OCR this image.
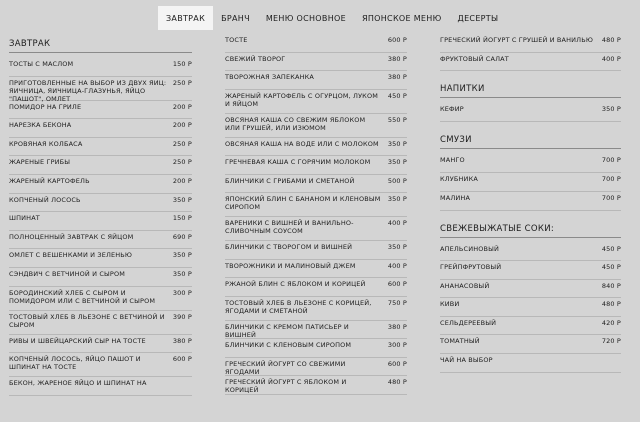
ЗАВТРАК	БРАНЧ	МЕНЮ ОСНОВНОЕ	ЯПОНСКОЕ МЕНЮ	ДЕСЕРТЫ
ЗАВТРАК
ТОСТЫ С МАСЛОМ	150 Р
ПРИГОТОВЛЕННЫЕ НА ВЫБОР ИЗ ДВУХ ЯИЦ: ЯИЧНИЦА, ЯИЧНИЦА-ГЛАЗУНЬЯ, ЯЙЦО "ПАШОТ", ОМЛЕТ
250 Р
ПОМИДОР НА ГРИЛЕ	200 Р
НАРЕЗКА БЕКОНА	200 Р
КРОВЯНАЯ КОЛБАСА	250 Р
ЖАРЕНЫЕ ГРИБЫ	250 Р
ЖАРЕНЫЙ КАРТОФЕЛЬ	200 Р
КОПЧЕНЫЙ ЛОСОСЬ	350 Р
ШПИНАТ	150 Р
ПОЛНОЦЕННЫЙ ЗАВТРАК С ЯЙЦОМ	690 Р
ОМЛЕТ С ВЕШЕНКАМИ И ЗЕЛЕНЬЮ	350 Р
СЭНДВИЧ С ВЕТЧИНОЙ И СЫРОМ	350 Р
БОРОДИНСКИЙ ХЛЕБ С СЫРОМ И ПОМИДОРОМ ИЛИ С ВЕТЧИНОЙ И СЫРОМ
300 Р
ТОСТОВЫЙ ХЛЕБ В ЛЬЕЗОНЕ С ВЕТЧИНОЙ И СЫРОМ
390 Р
РИВЫ И ШВЕЙЦАРСКИЙ СЫР НА ТОСТЕ	380 Р
КОПЧЕНЫЙ ЛОСОСЬ, ЯЙЦО ПАШОТ И ШПИНАТ НА ТОСТЕ
600 Р
БЕКОН, ЖАРЕНОЕ ЯЙЦО И ШПИНАТ НА
ТОСТЕ	600 Р
СВЕЖИЙ ТВОРОГ	380 Р
ТВОРОЖНАЯ ЗАПЕКАНКА	380 Р
ЖАРЕНЫЙ КАРТОФЕЛЬ С ОГУРЦОМ, ЛУКОМ И ЯЙЦОМ
450 Р
ОВСЯНАЯ КАША СО СВЕЖИМ ЯБЛОКОМ ИЛИ ГРУШЕЙ, ИЛИ ИЗЮМОМ
550 Р
ОВСЯНАЯ КАША НА ВОДЕ ИЛИ С МОЛОКОМ	350 Р
ГРЕЧНЕВАЯ КАША С ГОРЯЧИМ МОЛОКОМ	350 Р
БЛИНЧИКИ С ГРИБАМИ И СМЕТАНОЙ	500 Р
ЯПОНСКИЙ БЛИН С БАНАНОМ И КЛЕНОВЫМ СИРОПОМ
350 Р
ВАРЕНИКИ С ВИШНЕЙ И ВАНИЛЬНО-СЛИВОЧНЫМ СОУСОМ
400 Р
БЛИНЧИКИ С ТВОРОГОМ И ВИШНЕЙ	350 Р
ТВОРОЖНИКИ И МАЛИНОВЫЙ ДЖЕМ	400 Р
РЖАНОЙ БЛИН С ЯБЛОКОМ И КОРИЦЕЙ	600 Р
ТОСТОВЫЙ ХЛЕБ В ЛЬЕЗОНЕ С КОРИЦЕЙ, ЯГОДАМИ И СМЕТАНОЙ
750 Р
БЛИНЧИКИ С КРЕМОМ ПАТИСЬЕР И ВИШНЕЙ
380 Р
БЛИНЧИКИ С КЛЕНОВЫМ СИРОПОМ	300 Р
ГРЕЧЕСКИЙ ЙОГУРТ СО СВЕЖИМИ ЯГОДАМИ
600 Р
ГРЕЧЕСКИЙ ЙОГУРТ С ЯБЛОКОМ И КОРИЦЕЙ
480 Р
ГРЕЧЕСКИЙ ЙОГУРТ С ГРУШЕЙ И ВАНИЛЬЮ	480 Р
ФРУКТОВЫЙ САЛАТ	400 Р
НАПИТКИ
КЕФИР	350 Р
СМУЗИ
МАНГО	700 Р
КЛУБНИКА	700 Р
МАЛИНА	700 Р
СВЕЖЕВЫЖАТЫЕ СОКИ:
АПЕЛЬСИНОВЫЙ	450 Р
ГРЕЙПФРУТОВЫЙ	450 Р
АНАНАСОВЫЙ	840 Р
КИВИ	480 Р
СЕЛЬДЕРЕЕВЫЙ	420 Р
ТОМАТНЫЙ	720 Р
ЧАЙ НА ВЫБОР
